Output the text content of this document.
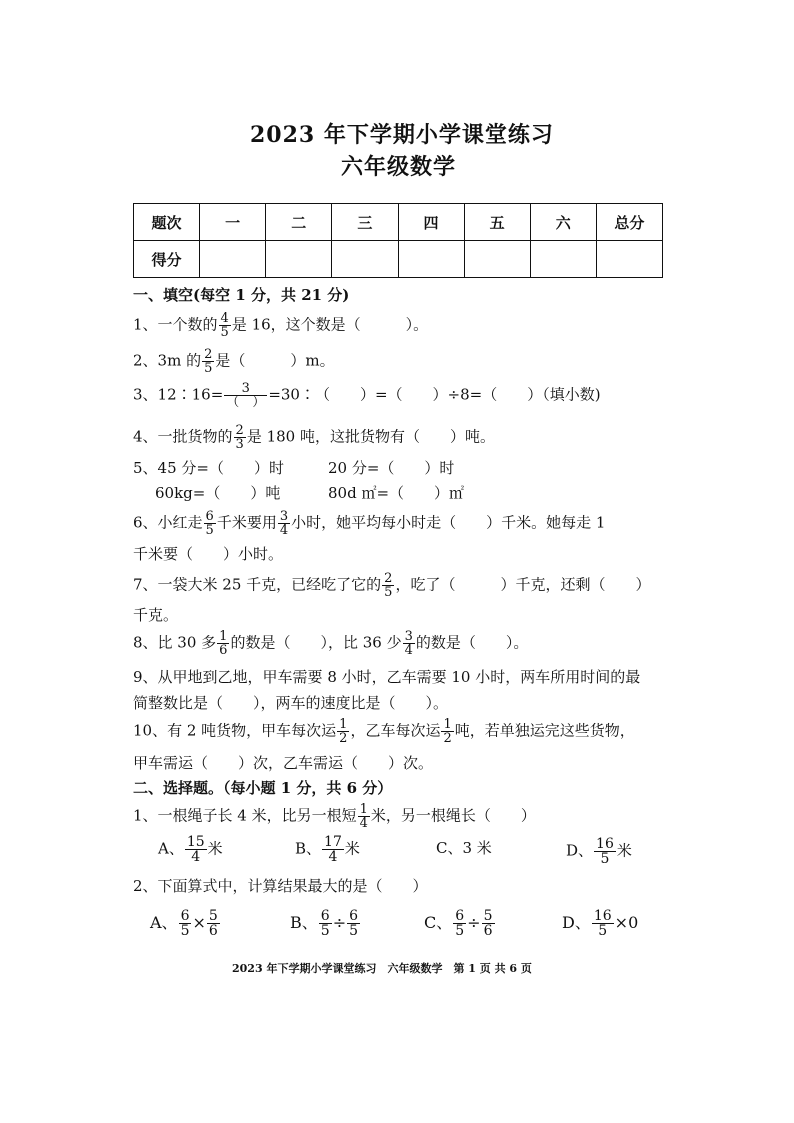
2023 年下学期小学课堂练习
六年级数学
题次	一	二	三	四	五	六	总分
得分							
一、填空(每空 1 分，共 21 分)
1、一个数的 $\frac{4}{5}$ 是 16，这个数是（　　　）。
2、3m 的 $\frac{2}{5}$ 是（　　　）m。
3、12∶16= $\frac{3}{( )}$ =30∶（　　）=（　　）÷8=（　　）（填小数)
4、一批货物的 $\frac{2}{3}$ 是 180 吨，这批货物有（　　）吨。
5、45 分=（　　）时	20 分=（　　）时
60kg=（　　）吨	80d ㎡=（　　）㎡
6、小红走 $\frac{6}{5}$ 千米要用 $\frac{3}{4}$ 小时，她平均每小时走（　　）千米。她每走 1
千米要（　　）小时。
7、一袋大米 25 千克，已经吃了它的 $\frac{2}{5}$ ，吃了（　　　）千克，还剩（　　）
千克。
8、比 30 多 $\frac{1}{6}$ 的数是（　　），比 36 少 $\frac{3}{4}$ 的数是（　　）。
9、从甲地到乙地，甲车需要 8 小时，乙车需要 10 小时，两车所用时间的最
简整数比是（　　），两车的速度比是（　　）。
10、有 2 吨货物，甲车每次运 $\frac{1}{2}$ ，乙车每次运 $\frac{1}{2}$ 吨，若单独运完这些货物，
甲车需运（　　）次，乙车需运（　　）次。
二、选择题。（每小题 1 分，共 6 分）
1、一根绳子长 4 米，比另一根短 $\frac{1}{4}$ 米，另一根绳长（　　）
A、 $\frac{15}{4}$ 米	B、 $\frac{17}{4}$ 米	C、3 米	D、 $\frac{16}{5}$ 米
2、下面算式中，计算结果最大的是（　　）
A、 $\frac{6}{5} \times \frac{5}{6}$	B、 $\frac{6}{5} \div \frac{6}{5}$	C、 $\frac{6}{5} \div \frac{5}{6}$	D、 $\frac{16}{5} \times 0$
2023 年下学期小学课堂练习　六年级数学　第 1 页 共 6 页
